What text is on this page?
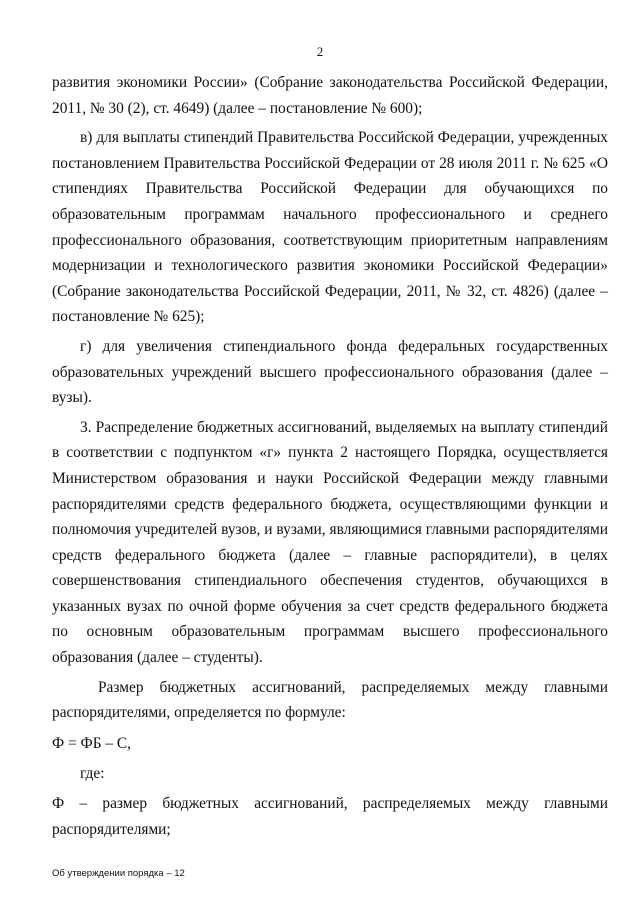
2

развития экономики России» (Собрание законодательства Российской Федерации, 2011, № 30 (2), ст. 4649) (далее – постановление № 600);

в) для выплаты стипендий Правительства Российской Федерации, учрежденных постановлением Правительства Российской Федерации от 28 июля 2011 г. № 625 «О стипендиях Правительства Российской Федерации для обучающихся по образовательным программам начального профессионального и среднего профессионального образования, соответствующим приоритетным направлениям модернизации и технологического развития экономики Российской Федерации» (Собрание законодательства Российской Федерации, 2011, № 32, ст. 4826) (далее – постановление № 625);

г) для увеличения стипендиального фонда федеральных государственных образовательных учреждений высшего профессионального образования (далее – вузы).

3. Распределение бюджетных ассигнований, выделяемых на выплату стипендий в соответствии с подпунктом «г» пункта 2 настоящего Порядка, осуществляется Министерством образования и науки Российской Федерации между главными распорядителями средств федерального бюджета, осуществляющими функции и полномочия учредителей вузов, и вузами, являющимися главными распорядителями средств федерального бюджета (далее – главные распорядители), в целях совершенствования стипендиального обеспечения студентов, обучающихся в указанных вузах по очной форме обучения за счет средств федерального бюджета по основным образовательным программам высшего профессионального образования (далее – студенты).

Размер бюджетных ассигнований, распределяемых между главными распорядителями, определяется по формуле:

Ф = ФБ – С,

где:

Ф – размер бюджетных ассигнований, распределяемых между главными распорядителями;

Об утверждении порядка – 12
